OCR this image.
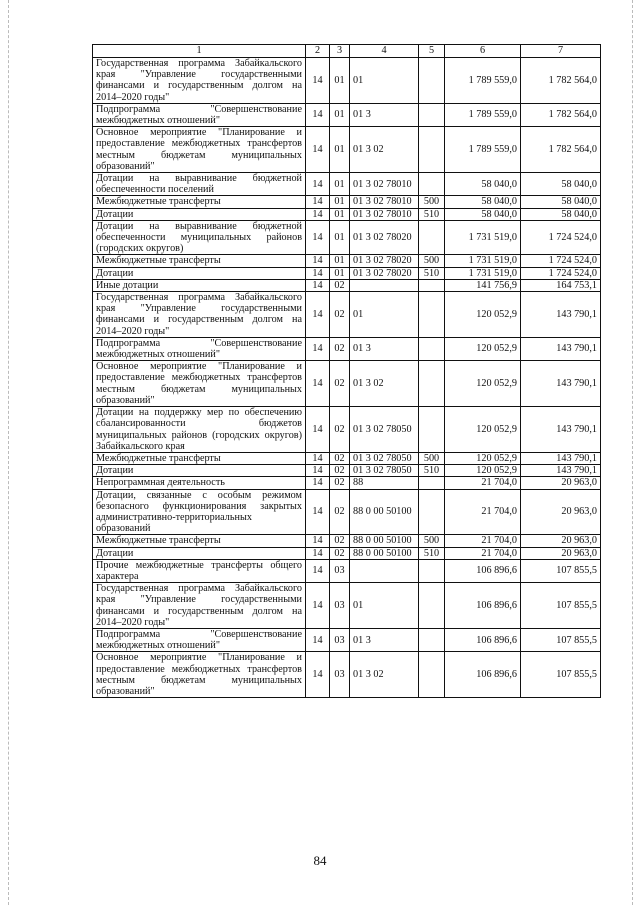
1	2	3	4	5	6	7
Государственная программа Забайкальского края "Управление государственными финансами и государственным долгом на 2014–2020 годы"	14	01	01		1 789 559,0	1 782 564,0
Подпрограмма "Совершенствование межбюджетных отношений"	14	01	01 3		1 789 559,0	1 782 564,0
Основное мероприятие "Планирование и предоставление межбюджетных трансфертов местным бюджетам муниципальных образований"	14	01	01 3 02		1 789 559,0	1 782 564,0
Дотации на выравнивание бюджетной обеспеченности поселений	14	01	01 3 02 78010		58 040,0	58 040,0
Межбюджетные трансферты	14	01	01 3 02 78010	500	58 040,0	58 040,0
Дотации	14	01	01 3 02 78010	510	58 040,0	58 040,0
Дотации на выравнивание бюджетной обеспеченности муниципальных районов (городских округов)	14	01	01 3 02 78020		1 731 519,0	1 724 524,0
Межбюджетные трансферты	14	01	01 3 02 78020	500	1 731 519,0	1 724 524,0
Дотации	14	01	01 3 02 78020	510	1 731 519,0	1 724 524,0
Иные дотации	14	02			141 756,9	164 753,1
Государственная программа Забайкальского края "Управление государственными финансами и государственным долгом на 2014–2020 годы"	14	02	01		120 052,9	143 790,1
Подпрограмма "Совершенствование межбюджетных отношений"	14	02	01 3		120 052,9	143 790,1
Основное мероприятие "Планирование и предоставление межбюджетных трансфертов местным бюджетам муниципальных образований"	14	02	01 3 02		120 052,9	143 790,1
Дотации на поддержку мер по обеспечению сбалансированности бюджетов муниципальных районов (городских округов) Забайкальского края	14	02	01 3 02 78050		120 052,9	143 790,1
Межбюджетные трансферты	14	02	01 3 02 78050	500	120 052,9	143 790,1
Дотации	14	02	01 3 02 78050	510	120 052,9	143 790,1
Непрограммная деятельность	14	02	88		21 704,0	20 963,0
Дотации, связанные с особым режимом безопасного функционирования закрытых административно-территориальных образований	14	02	88 0 00 50100		21 704,0	20 963,0
Межбюджетные трансферты	14	02	88 0 00 50100	500	21 704,0	20 963,0
Дотации	14	02	88 0 00 50100	510	21 704,0	20 963,0
Прочие межбюджетные трансферты общего характера	14	03			106 896,6	107 855,5
Государственная программа Забайкальского края "Управление государственными финансами и государственным долгом на 2014–2020 годы"	14	03	01		106 896,6	107 855,5
Подпрограмма "Совершенствование межбюджетных отношений"	14	03	01 3		106 896,6	107 855,5
Основное мероприятие "Планирование и предоставление межбюджетных трансфертов местным бюджетам муниципальных образований"	14	03	01 3 02		106 896,6	107 855,5
84
